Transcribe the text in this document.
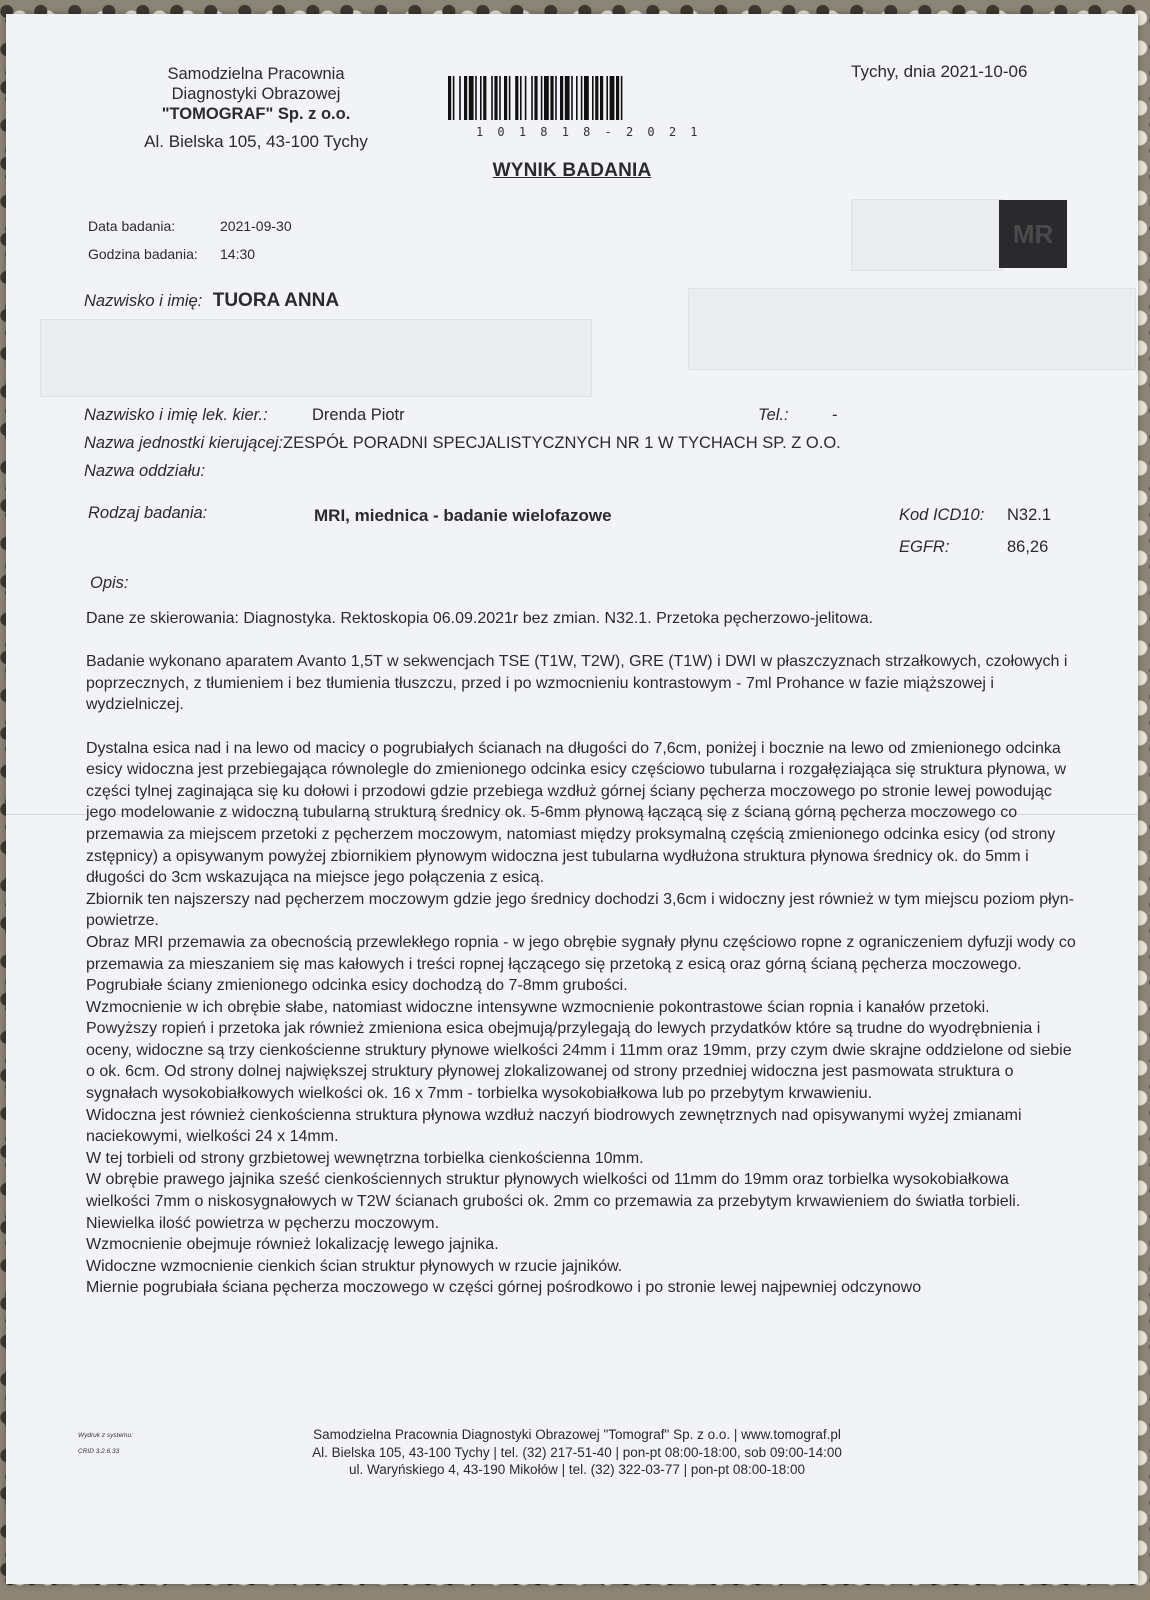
Samodzielna Pracownia
Diagnostyki Obrazowej
"TOMOGRAF" Sp. z o.o.
Al. Bielska 105, 43-100 Tychy	101818-2021
Tychy, dnia 2021-10-06
WYNIK BADANIA
Data badania:	2021-09-30
Godzina badania: 14:30
MR
Nazwisko i imię: TUORA ANNA
Nazwisko i imię lek. kier.:	Drenda Piotr	Tel.:	-
Nazwa jednostki kierującej:ZESPÓŁ PORADNI SPECJALISTYCZNYCH NR 1 W TYCHACH SP. Z O.O.
Nazwa oddziału:
Rodzaj badania:	MRI, miednica - badanie wielofazowe	Kod ICD10: N32.1
EGFR:	86,26
Opis:

Dane ze skierowania: Diagnostyka. Rektoskopia 06.09.2021r bez zmian. N32.1. Przetoka pęcherzowo-jelitowa.

Badanie wykonano aparatem Avanto 1,5T w sekwencjach TSE (T1W, T2W), GRE (T1W) i DWI w płaszczyznach strzałkowych, czołowych i poprzecznych, z tłumieniem i bez tłumienia tłuszczu, przed i po wzmocnieniu kontrastowym - 7ml Prohance w fazie miąższowej i wydzielniczej.

Dystalna esica nad i na lewo od macicy o pogrubiałych ścianach na długości do 7,6cm, poniżej i bocznie na lewo od zmienionego odcinka esicy widoczna jest przebiegająca równolegle do zmienionego odcinka esicy częściowo tubularna i rozgałęziająca się struktura płynowa, w części tylnej zaginająca się ku dołowi i przodowi gdzie przebiega wzdłuż górnej ściany pęcherza moczowego po stronie lewej powodując jego modelowanie z widoczną tubularną strukturą średnicy ok. 5-6mm płynową łączącą się z ścianą górną pęcherza moczowego co przemawia za miejscem przetoki z pęcherzem moczowym, natomiast między proksymalną częścią zmienionego odcinka esicy (od strony zstępnicy) a opisywanym powyżej zbiornikiem płynowym widoczna jest tubularna wydłużona struktura płynowa średnicy ok. do 5mm i długości do 3cm wskazująca na miejsce jego połączenia z esicą.

Zbiornik ten najszerszy nad pęcherzem moczowym gdzie jego średnicy dochodzi 3,6cm i widoczny jest również w tym miejscu poziom płyn-powietrze.

Obraz MRI przemawia za obecnością przewlekłego ropnia - w jego obrębie sygnały płynu częściowo ropne z ograniczeniem dyfuzji wody co przemawia za mieszaniem się mas kałowych i treści ropnej łączącego się przetoką z esicą oraz górną ścianą pęcherza moczowego.

Pogrubiałe ściany zmienionego odcinka esicy dochodzą do 7-8mm grubości.

Wzmocnienie w ich obrębie słabe, natomiast widoczne intensywne wzmocnienie pokontrastowe ścian ropnia i kanałów przetoki.

Powyższy ropień i przetoka jak również zmieniona esica obejmują/przylegają do lewych przydatków które są trudne do wyodrębnienia i oceny, widoczne są trzy cienkościenne struktury płynowe wielkości 24mm i 11mm oraz 19mm, przy czym dwie skrajne oddzielone od siebie o ok. 6cm. Od strony dolnej największej struktury płynowej zlokalizowanej od strony przedniej widoczna jest pasmowata struktura o sygnałach wysokobiałkowych wielkości ok. 16 x 7mm - torbielka wysokobiałkowa lub po przebytym krwawieniu.

Widoczna jest również cienkościenna struktura płynowa wzdłuż naczyń biodrowych zewnętrznych nad opisywanymi wyżej zmianami naciekowymi, wielkości 24 x 14mm.

W tej torbieli od strony grzbietowej wewnętrzna torbielka cienkościenna 10mm.

W obrębie prawego jajnika sześć cienkościennych struktur płynowych wielkości od 11mm do 19mm oraz torbielka wysokobiałkowa wielkości 7mm o niskosygnałowych w T2W ścianach grubości ok. 2mm co przemawia za przebytym krwawieniem do światła torbieli.

Niewielka ilość powietrza w pęcherzu moczowym.

Wzmocnienie obejmuje również lokalizację lewego jajnika.

Widoczne wzmocnienie cienkich ścian struktur płynowych w rzucie jajników.

Miernie pogrubiała ściana pęcherza moczowego w części górnej pośrodkowo i po stronie lewej najpewniej odczynowo

Wydruk z systemu:
CRID 3.2.6.33
Samodzielna Pracownia Diagnostyki Obrazowej "Tomograf" Sp. z o.o. | www.tomograf.pl
Al. Bielska 105, 43-100 Tychy | tel. (32) 217-51-40 | pon-pt 08:00-18:00, sob 09:00-14:00
ul. Waryńskiego 4, 43-190 Mikołów | tel. (32) 322-03-77 | pon-pt 08:00-18:00
